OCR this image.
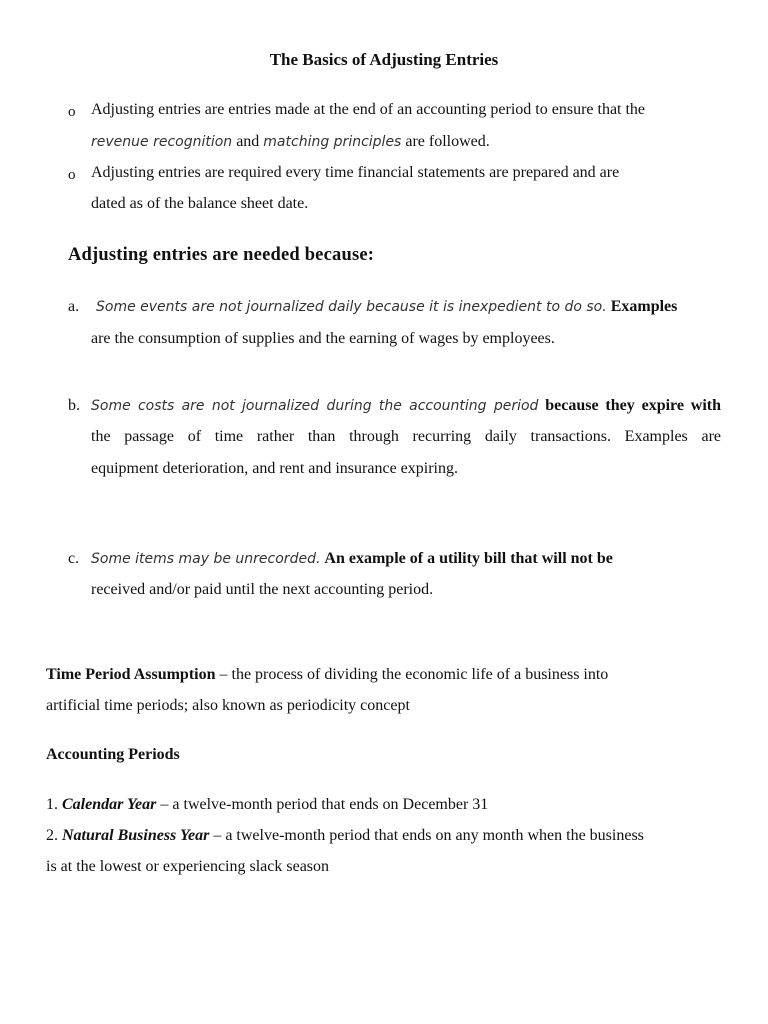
The Basics of Adjusting Entries
o Adjusting entries are entries made at the end of an accounting period to ensure that the
revenue recognition and matching principles are followed.
o Adjusting entries are required every time financial statements are prepared and are
dated as of the balance sheet date.
Adjusting entries are needed because:
a. Some events are not journalized daily because it is inexpedient to do so. Examples
are the consumption of supplies and the earning of wages by employees.
b. Some costs are not journalized during the accounting period because they expire with
the passage of time rather than through recurring daily transactions. Examples are
equipment deterioration, and rent and insurance expiring.
c. Some items may be unrecorded. An example of a utility bill that will not be
received and/or paid until the next accounting period.
Time Period Assumption – the process of dividing the economic life of a business into
artificial time periods; also known as periodicity concept
Accounting Periods
1. Calendar Year – a twelve-month period that ends on December 31
2. Natural Business Year – a twelve-month period that ends on any month when the business
is at the lowest or experiencing slack season
